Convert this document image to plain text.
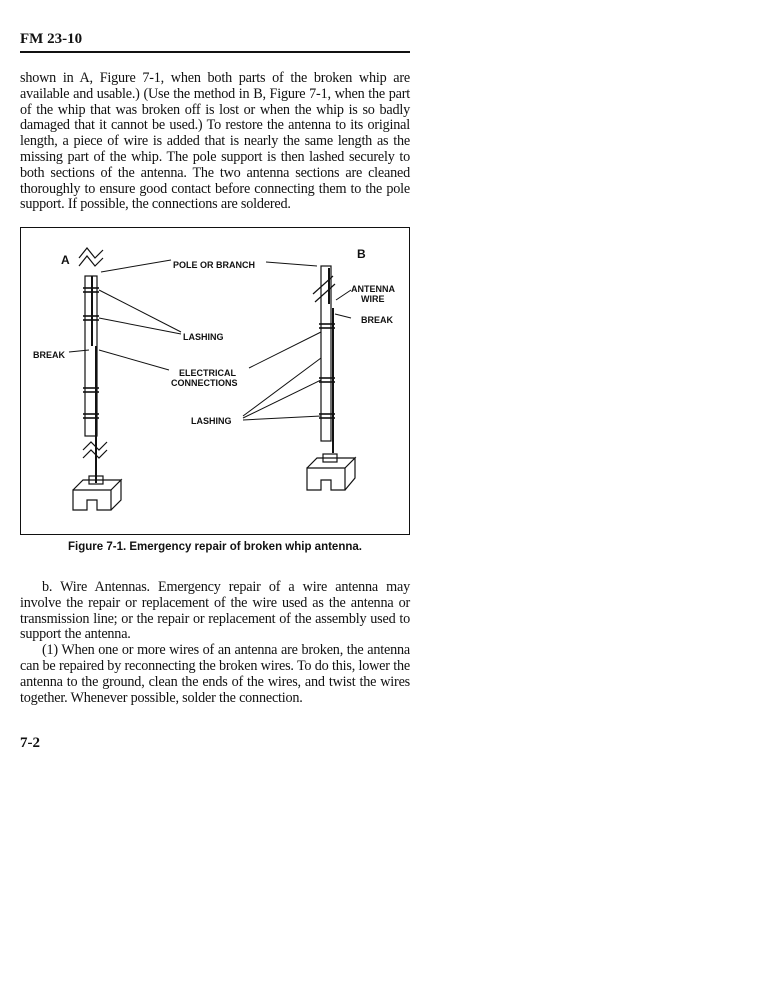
FM 23-10

shown in A, Figure 7-1, when both parts of the broken whip are available and usable.) (Use the method in B, Figure 7-1, when the part of the whip that was broken off is lost or when the whip is so badly damaged that it cannot be used.) To restore the antenna to its original length, a piece of wire is added that is nearly the same length as the missing part of the whip. The pole support is then lashed securely to both sections of the antenna. The two antenna sections are cleaned thoroughly to ensure good contact before connecting them to the pole support. If possible, the connections are soldered.

A	B
POLE OR BRANCH
ANTENNA
WIRE
BREAK
LASHING
BREAK
ELECTRICAL
CONNECTIONS
LASHING
Figure 7-1. Emergency repair of broken whip antenna.

b. Wire Antennas. Emergency repair of a wire antenna may involve the repair or replacement of the wire used as the antenna or transmission line; or the repair or replacement of the assembly used to support the antenna.

(1) When one or more wires of an antenna are broken, the antenna can be repaired by reconnecting the broken wires. To do this, lower the antenna to the ground, clean the ends of the wires, and twist the wires together. Whenever possible, solder the connection.

7-2
